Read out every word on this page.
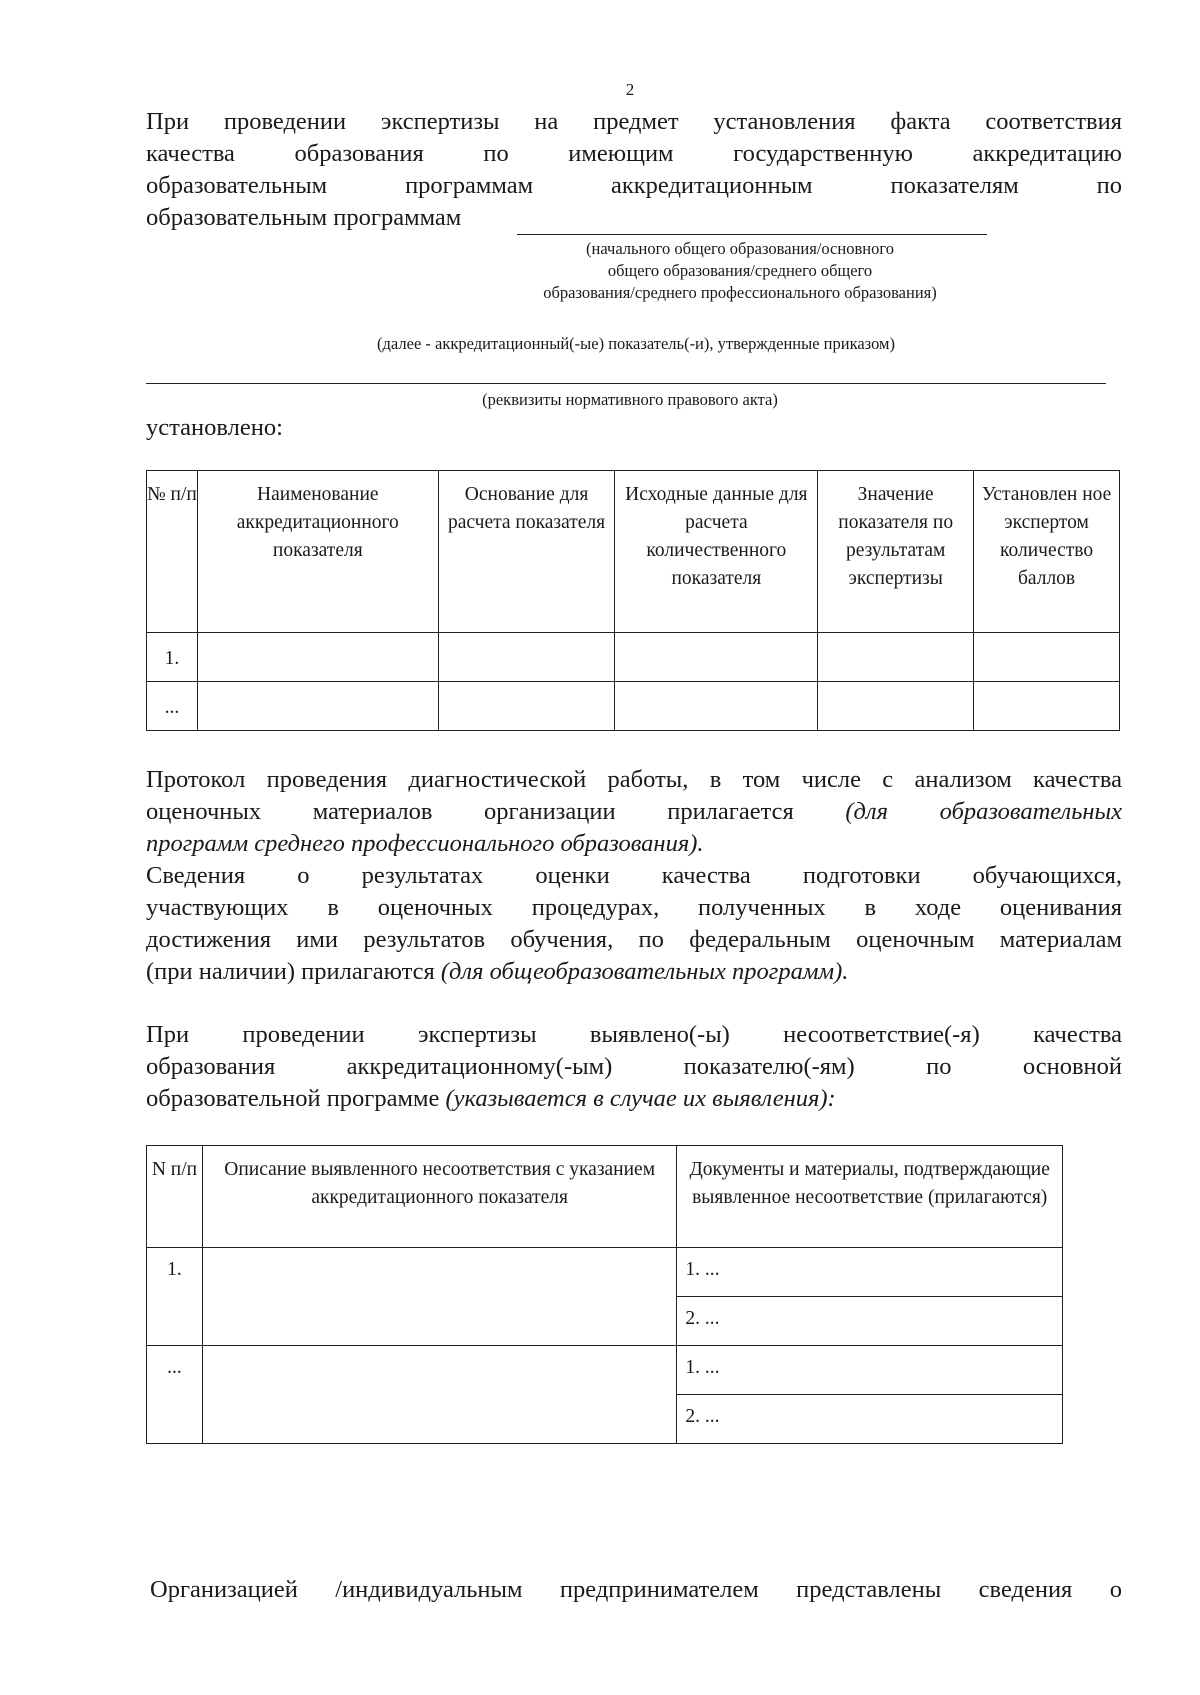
2
При проведении экспертизы на предмет установления факта соответствия
качества образования по имеющим государственную аккредитацию
образовательным программам аккредитационным показателям по
образовательным программам
(начального общего образования/основного
общего образования/среднего общего
образования/среднего профессионального образования)
(далее - аккредитационный(-ые) показатель(-и), утвержденные приказом)
(реквизиты нормативного правового акта)
установлено:
№ п/п	Наименование аккредитационного показателя	Основание для расчета показателя	Исходные данные для расчета количественного показателя	Значение показателя по результатам экспертизы	Установлен ное экспертом количество баллов
1.					
...					
Протокол проведения диагностической работы, в том числе с анализом качества
оценочных материалов организации прилагается (для образовательных
программ среднего профессионального образования).
Сведения о результатах оценки качества подготовки обучающихся,
участвующих в оценочных процедурах, полученных в ходе оценивания
достижения ими результатов обучения, по федеральным оценочным материалам
(при наличии) прилагаются (для общеобразовательных программ).
При проведении экспертизы выявлено(-ы) несоответствие(-я) качества
образования аккредитационному(-ым) показателю(-ям) по основной
образовательной программе (указывается в случае их выявления):
N п/п	Описание выявленного несоответствия с указанием аккредитационного показателя	Документы и материалы, подтверждающие выявленное несоответствие (прилагаются)
1.		1. ...
		2. ...
...		1. ...
		2. ...
Организацией /индивидуальным предпринимателем представлены сведения о
